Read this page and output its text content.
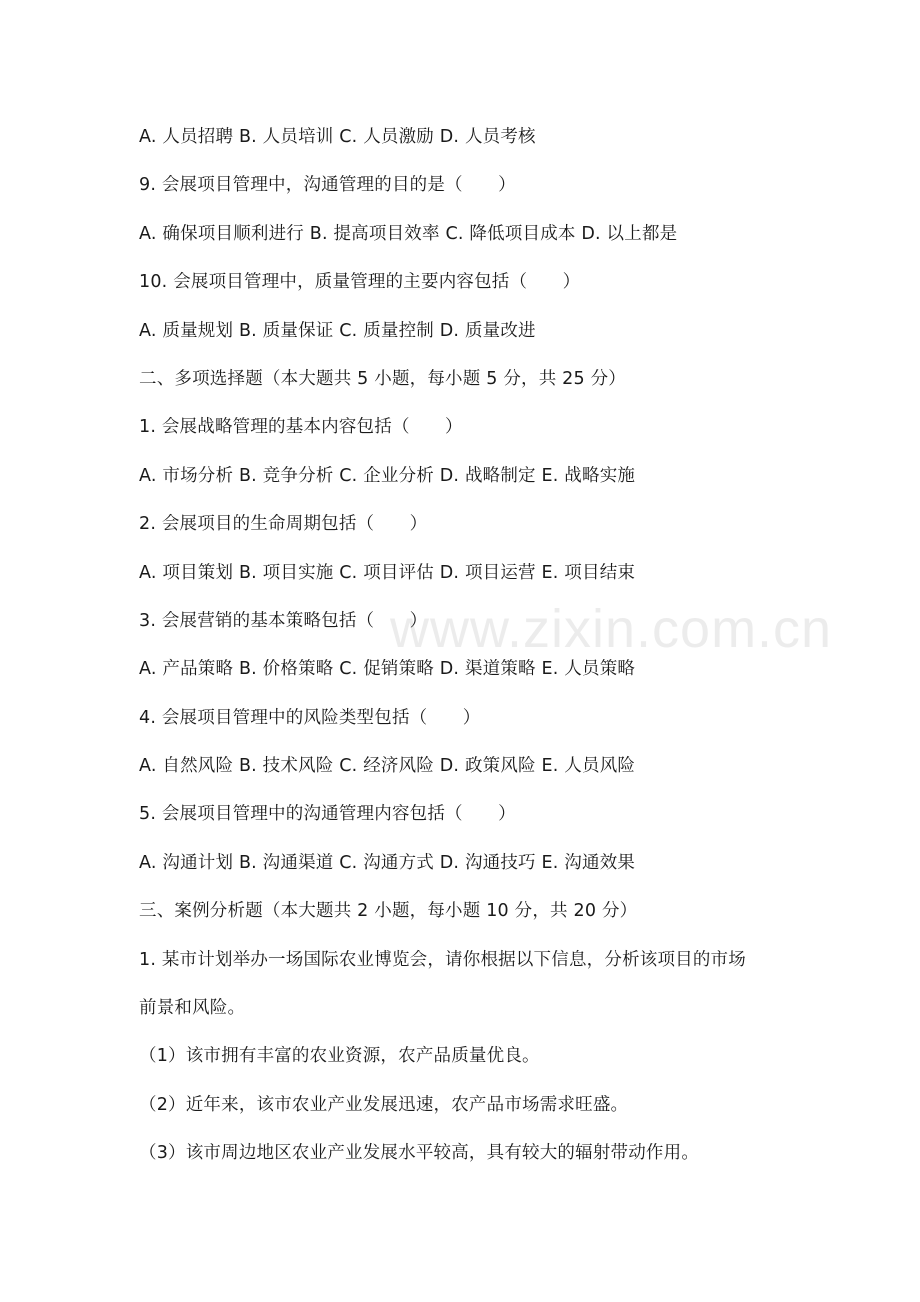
www.zixin.com.cn
A. 人员招聘 B. 人员培训 C. 人员激励 D. 人员考核
9. 会展项目管理中，沟通管理的目的是（　　）
A. 确保项目顺利进行 B. 提高项目效率 C. 降低项目成本 D. 以上都是
10. 会展项目管理中，质量管理的主要内容包括（　　）
A. 质量规划 B. 质量保证 C. 质量控制 D. 质量改进
二、多项选择题（本大题共 5 小题，每小题 5 分，共 25 分）
1. 会展战略管理的基本内容包括（　　）
A. 市场分析 B. 竞争分析 C. 企业分析 D. 战略制定 E. 战略实施
2. 会展项目的生命周期包括（　　）
A. 项目策划 B. 项目实施 C. 项目评估 D. 项目运营 E. 项目结束
3. 会展营销的基本策略包括（　　）
A. 产品策略 B. 价格策略 C. 促销策略 D. 渠道策略 E. 人员策略
4. 会展项目管理中的风险类型包括（　　）
A. 自然风险 B. 技术风险 C. 经济风险 D. 政策风险 E. 人员风险
5. 会展项目管理中的沟通管理内容包括（　　）
A. 沟通计划 B. 沟通渠道 C. 沟通方式 D. 沟通技巧 E. 沟通效果
三、案例分析题（本大题共 2 小题，每小题 10 分，共 20 分）
1. 某市计划举办一场国际农业博览会，请你根据以下信息，分析该项目的市场
前景和风险。
（1）该市拥有丰富的农业资源，农产品质量优良。
（2）近年来，该市农业产业发展迅速，农产品市场需求旺盛。
（3）该市周边地区农业产业发展水平较高，具有较大的辐射带动作用。
